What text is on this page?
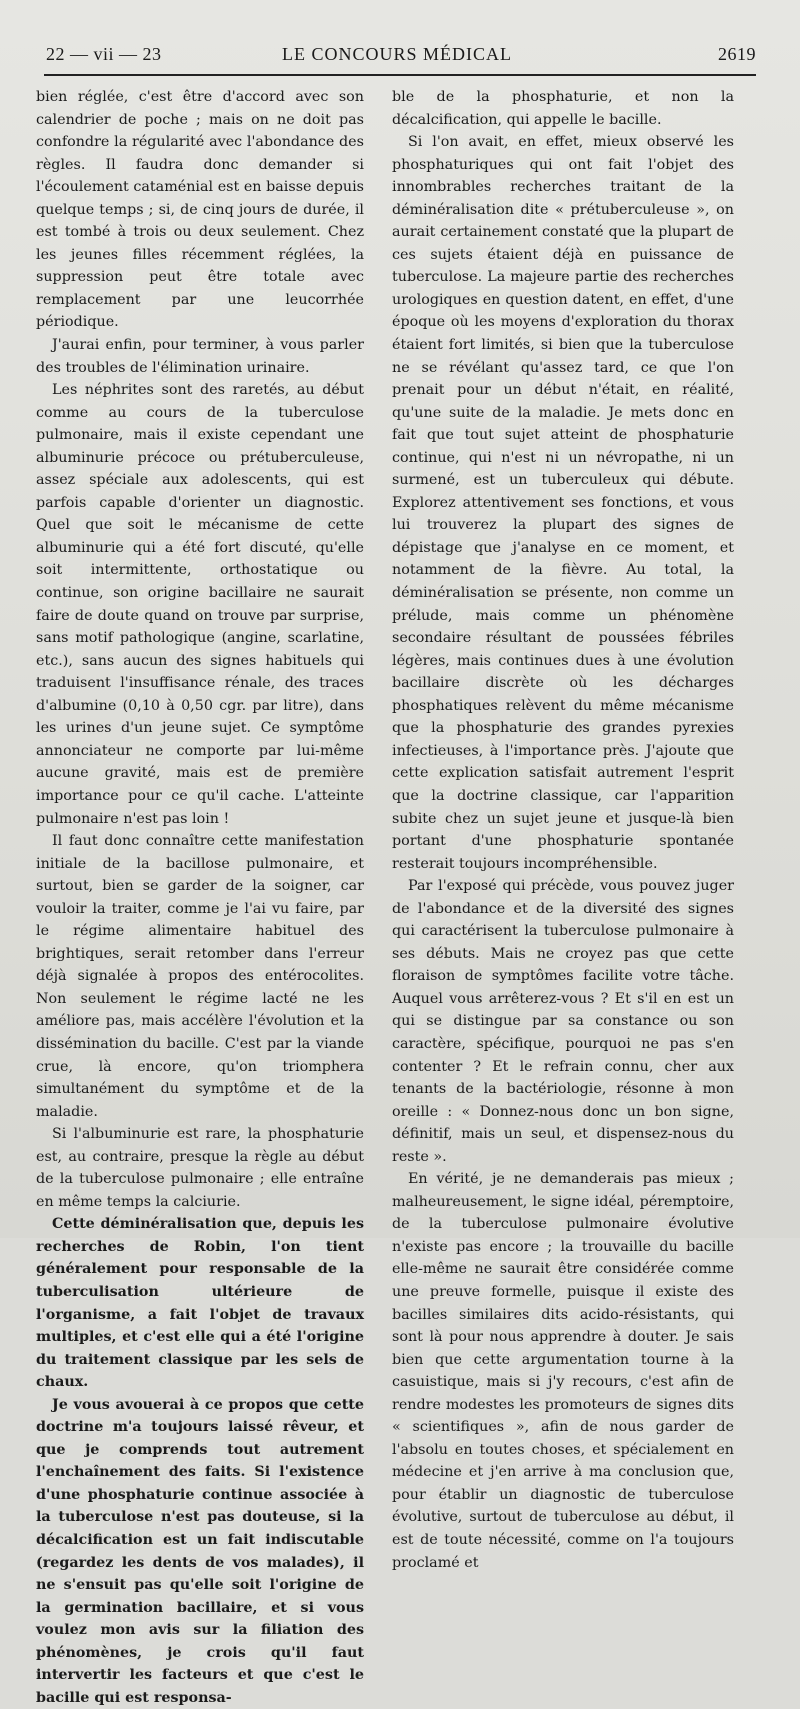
22 — vii — 23	LE CONCOURS MÉDICAL	2619

bien réglée, c'est être d'accord avec son calendrier de poche ; mais on ne doit pas confondre la régularité avec l'abondance des règles. Il faudra donc demander si l'écoulement cataménial est en baisse depuis quelque temps ; si, de cinq jours de durée, il est tombé à trois ou deux seulement. Chez les jeunes filles récemment réglées, la suppression peut être totale avec remplacement par une leucorrhée périodique.

J'aurai enfin, pour terminer, à vous parler des troubles de l'élimination urinaire.

Les néphrites sont des raretés, au début comme au cours de la tuberculose pulmonaire, mais il existe cependant une albuminurie précoce ou prétuberculeuse, assez spéciale aux adolescents, qui est parfois capable d'orienter un diagnostic. Quel que soit le mécanisme de cette albuminurie qui a été fort discuté, qu'elle soit intermittente, orthostatique ou continue, son origine bacillaire ne saurait faire de doute quand on trouve par surprise, sans motif pathologique (angine, scarlatine, etc.), sans aucun des signes habituels qui traduisent l'insuffisance rénale, des traces d'albumine (0,10 à 0,50 cgr. par litre), dans les urines d'un jeune sujet. Ce symptôme annonciateur ne comporte par lui-même aucune gravité, mais est de première importance pour ce qu'il cache. L'atteinte pulmonaire n'est pas loin !

Il faut donc connaître cette manifestation initiale de la bacillose pulmonaire, et surtout, bien se garder de la soigner, car vouloir la traiter, comme je l'ai vu faire, par le régime alimentaire habituel des brightiques, serait retomber dans l'erreur déjà signalée à propos des entérocolites. Non seulement le régime lacté ne les améliore pas, mais accélère l'évolution et la dissémination du bacille. C'est par la viande crue, là encore, qu'on triomphera simultanément du symptôme et de la maladie.

Si l'albuminurie est rare, la phosphaturie est, au contraire, presque la règle au début de la tuberculose pulmonaire ; elle entraîne en même temps la calciurie.

Cette déminéralisation que, depuis les recherches de Robin, l'on tient généralement pour responsable de la tuberculisation ultérieure de l'organisme, a fait l'objet de travaux multiples, et c'est elle qui a été l'origine du traitement classique par les sels de chaux.

Je vous avouerai à ce propos que cette doctrine m'a toujours laissé rêveur, et que je comprends tout autrement l'enchaînement des faits. Si l'existence d'une phosphaturie continue associée à la tuberculose n'est pas douteuse, si la décalcification est un fait indiscutable (regardez les dents de vos malades), il ne s'ensuit pas qu'elle soit l'origine de la germination bacillaire, et si vous voulez mon avis sur la filiation des phénomènes, je crois qu'il faut intervertir les facteurs et que c'est le bacille qui est responsa-

ble de la phosphaturie, et non la décalcification, qui appelle le bacille.

Si l'on avait, en effet, mieux observé les phosphaturiques qui ont fait l'objet des innombrables recherches traitant de la déminéralisation dite « prétuberculeuse », on aurait certainement constaté que la plupart de ces sujets étaient déjà en puissance de tuberculose. La majeure partie des recherches urologiques en question datent, en effet, d'une époque où les moyens d'exploration du thorax étaient fort limités, si bien que la tuberculose ne se révélant qu'assez tard, ce que l'on prenait pour un début n'était, en réalité, qu'une suite de la maladie. Je mets donc en fait que tout sujet atteint de phosphaturie continue, qui n'est ni un névropathe, ni un surmené, est un tuberculeux qui débute. Explorez attentivement ses fonctions, et vous lui trouverez la plupart des signes de dépistage que j'analyse en ce moment, et notamment de la fièvre. Au total, la déminéralisation se présente, non comme un prélude, mais comme un phénomène secondaire résultant de poussées fébriles légères, mais continues dues à une évolution bacillaire discrète où les décharges phosphatiques relèvent du même mécanisme que la phosphaturie des grandes pyrexies infectieuses, à l'importance près. J'ajoute que cette explication satisfait autrement l'esprit que la doctrine classique, car l'apparition subite chez un sujet jeune et jusque-là bien portant d'une phosphaturie spontanée resterait toujours incompréhensible.

Par l'exposé qui précède, vous pouvez juger de l'abondance et de la diversité des signes qui caractérisent la tuberculose pulmonaire à ses débuts. Mais ne croyez pas que cette floraison de symptômes facilite votre tâche. Auquel vous arrêterez-vous ? Et s'il en est un qui se distingue par sa constance ou son caractère, spécifique, pourquoi ne pas s'en contenter ? Et le refrain connu, cher aux tenants de la bactériologie, résonne à mon oreille : « Donnez-nous donc un bon signe, définitif, mais un seul, et dispensez-nous du reste ».

En vérité, je ne demanderais pas mieux ; malheureusement, le signe idéal, péremptoire, de la tuberculose pulmonaire évolutive n'existe pas encore ; la trouvaille du bacille elle-même ne saurait être considérée comme une preuve formelle, puisque il existe des bacilles similaires dits acido-résistants, qui sont là pour nous apprendre à douter. Je sais bien que cette argumentation tourne à la casuistique, mais si j'y recours, c'est afin de rendre modestes les promoteurs de signes dits « scientifiques », afin de nous garder de l'absolu en toutes choses, et spécialement en médecine et j'en arrive à ma conclusion que, pour établir un diagnostic de tuberculose évolutive, surtout de tuberculose au début, il est de toute nécessité, comme on l'a toujours proclamé et
